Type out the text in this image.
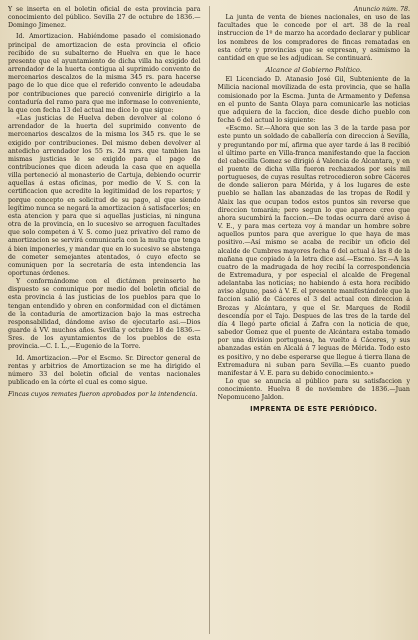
Y se inserta en el boletin oficial de esta provincia para conocimiento del público. Sevilla 27 de octubre de 1836.—Domingo Jimenez.

Id. Amortizacion. Habiéndome pasado el comisionado principal de amortizacion de esta provincia el oficio recibido de su subalterno de Huelva en que le hace presente que el ayuntamiento de dicha villa ha exigido del arrendador de la huerta contigua al suprimido convento de mercenarios descalzos de la misma 345 rs. para hacerse pago de lo que dice que el referido convento le adeudaba por contribuciones que pareció convenirle dirigirlo a la contaduría del ramo para que me informase lo conveniente, la que con fecha 13 del actual me dice lo que sigue:

«Las justicias de Huelva deben devolver al colono ó arrendador de la huerta del suprimido convento de mercenarios descalzos de la misma los 345 rs. que le se exigido por contribuciones. Del mismo deben devolver al antedicho arrendador los 55 rs. 24 mrs. que tambien las mismas justicias le se exigido para el pago de contribuciones que dicen adeuda la casa que en aquella villa perteneció al monasterio de Cartuja, debiendo ocurrir aquellas á estas oficinas, por medio de V. S. con la certificacion que acredite la legitimidad de los repartos; y porque concepto en solicitud de su pago, al que siendo legítimo nunca se negará la amortizacion á satisfacerlos; en esta atencion y para que si aquellas justicias, ni ninguna otra de la provincia, en lo sucesivo se arroguen facultades que solo competen á V. S. como juez privativo del ramo de amortizacion se servirá comunicarla con la multa que tenga á bien imponerles, y mandar que en lo sucesivo se abstenga de cometer semejantes atentados, ó cuyo efecto se comuniquen por la secretaría de esta intendencia las oportunas órdenes.

Y conformándome con el dictámen preinserto he dispuesto se comunique por medio del boletin oficial de esta provincia á las justicias de los pueblos para que lo tengan entendido y obren en conformidad con el dictámen de la contaduría de amortizacion bajo la mas estrecha responsabilidad, dándome aviso de ejecutarlo asi.—Dios guarde á VV. muchos años. Sevilla y octubre 18 de 1836.—Sres. de los ayuntamientos de los pueblos de esta provincia.—C. I. L.,—Eugenio de la Torre.

Id. Amortizacion.—Por el Escmo. Sr. Director general de rentas y arbitrios de Amortizacion se me ha dirigido el número 33 del boletin oficial de ventas nacionales publicado en la córte el cual es como sigue.

Fincas cuyos remates fueron aprobados por la intendencia.

Anuncio núm. 78.

La junta de venta de bienes nacionales, en uso de las facultades que le concede por el art. 38 de la real instruccion de 1º de marzo ha acordado declarar y publicar los nombres de los compradores de fincas rematadas en esta córte y provincias que se expresan, y asimismo la cantidad en que se les adjudican. Se continuará.

Alcance al Gobierno Político.

El Licenciado D. Atanasio José Gil, Subteniente de la Milicia nacional movilizada de esta provincia, que se halla comisionado por la Escma. Junta de Armamento y Defensa en el punto de Santa Olaya para comunicarle las noticias que adquiera de la faccion, dice desde dicho pueblo con fecha 6 del actual lo siguiente:

«Escmo. Sr.—Ahora que son las 3 de la tarde pasa por este punto un soldado de caballería con direccion á Sevilla, y preguntando por mí, afirma que ayer tarde á las 8 recibió el último parte en Villa-franca manifestando que la faccion del cabecilla Gomez se dirigió á Valencia de Alcantara, y en el puente de dicha villa fueron rechazados por seis mil portugueses, de cuyas resultas retrocedieron sobre Cáceres de donde salieron para Mérida, y á los lugares de este pueblo se hallan las abanzadas de las tropas de Rodil y Alaix las que ocupan todos estos puntos sin reverse que direccion tomarán; pero segun lo que aparece creo que ahora sucumbirá la faccion.—De todas ocurra daré aviso á V. E., y para mas certeza voy á mandar un hombre sobre aquellos puntos para que averigue lo que haya de mas positivo.—Así mismo se acaba de recibir un oficio del alcalde de Cumbres mayores fecha 6 del actual á las 8 de la mañana que copiado á la letra dice así.—Escmo. Sr.—A las cuatro de la madrugada de hoy recibí la correspondencia de Extremadura, y por especial el alcalde de Fregenal adelantaba las noticias; no habiendo á esta hora recibido aviso alguno, pasó á V. E. el presente manifestándole que la faccion salió de Cáceres el 3 del actual con direccion á Brozas y Alcántara, y que el Sr. Marques de Rodil descendía por el Tajo. Despues de las tres de la tarde del día 4 llegó parte oficial á Zafra con la noticia de que, sabedor Gomez que el puente de Alcántara estaba tomado por una division portuguesa, ha vuelto á Cáceres, y sus abanzadas están en Alcalá á 7 leguas de Mérida. Todo esto es positivo, y no debe esperarse que llegue á tierra llana de Extremadura ni suban para Sevilla.—Es cuanto puedo manifestar á V. E. para su debido conocimiento.»

Lo que se anuncia al público para su satisfaccion y conocimiento. Huelva 8 de noviembre de 1836.—Juan Nepomuceno Jaldon.

IMPRENTA DE ESTE PERIÓDICO.
